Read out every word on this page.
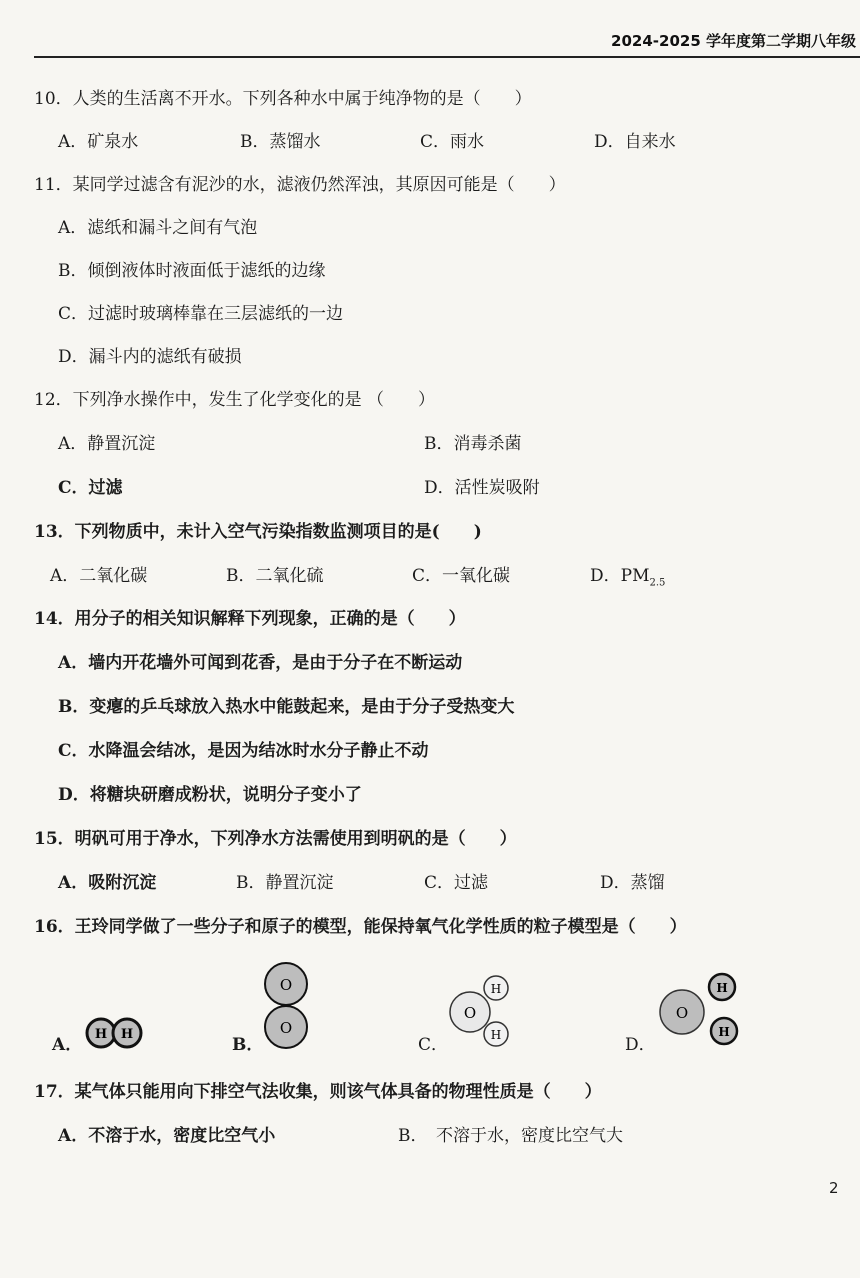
2024-2025 学年度第二学期八年级
10．人类的生活离不开水。下列各种水中属于纯净物的是（　　）
A．矿泉水	B．蒸馏水	C．雨水	D．自来水
11．某同学过滤含有泥沙的水，滤液仍然浑浊，其原因可能是（　　）
A．滤纸和漏斗之间有气泡
B．倾倒液体时液面低于滤纸的边缘
C．过滤时玻璃棒靠在三层滤纸的一边
D．漏斗内的滤纸有破损
12．下列净水操作中，发生了化学变化的是 （　　）
A．静置沉淀	B．消毒杀菌
C．过滤	D．活性炭吸附
13．下列物质中，未计入空气污染指数监测项目的是(　　)
A．二氧化碳	B．二氧化硫	C．一氧化碳	D．$PM_{2.5}$
14．用分子的相关知识解释下列现象，正确的是（　　）
A．墙内开花墙外可闻到花香，是由于分子在不断运动
B．变瘪的乒乓球放入热水中能鼓起来，是由于分子受热变大
C．水降温会结冰，是因为结冰时水分子静止不动
D．将糖块研磨成粉状，说明分子变小了
15．明矾可用于净水，下列净水方法需使用到明矾的是（　　）
A．吸附沉淀	B．静置沉淀	C．过滤	D．蒸馏
16．王玲同学做了一些分子和原子的模型，能保持氧气化学性质的粒子模型是（　　）
A．	B．	C．	D．
H H
O
O
O
H
H
O
H
H
17．某气体只能用向下排空气法收集，则该气体具备的物理性质是（　　）
A．不溶于水，密度比空气小	B．　不溶于水，密度比空气大
2
